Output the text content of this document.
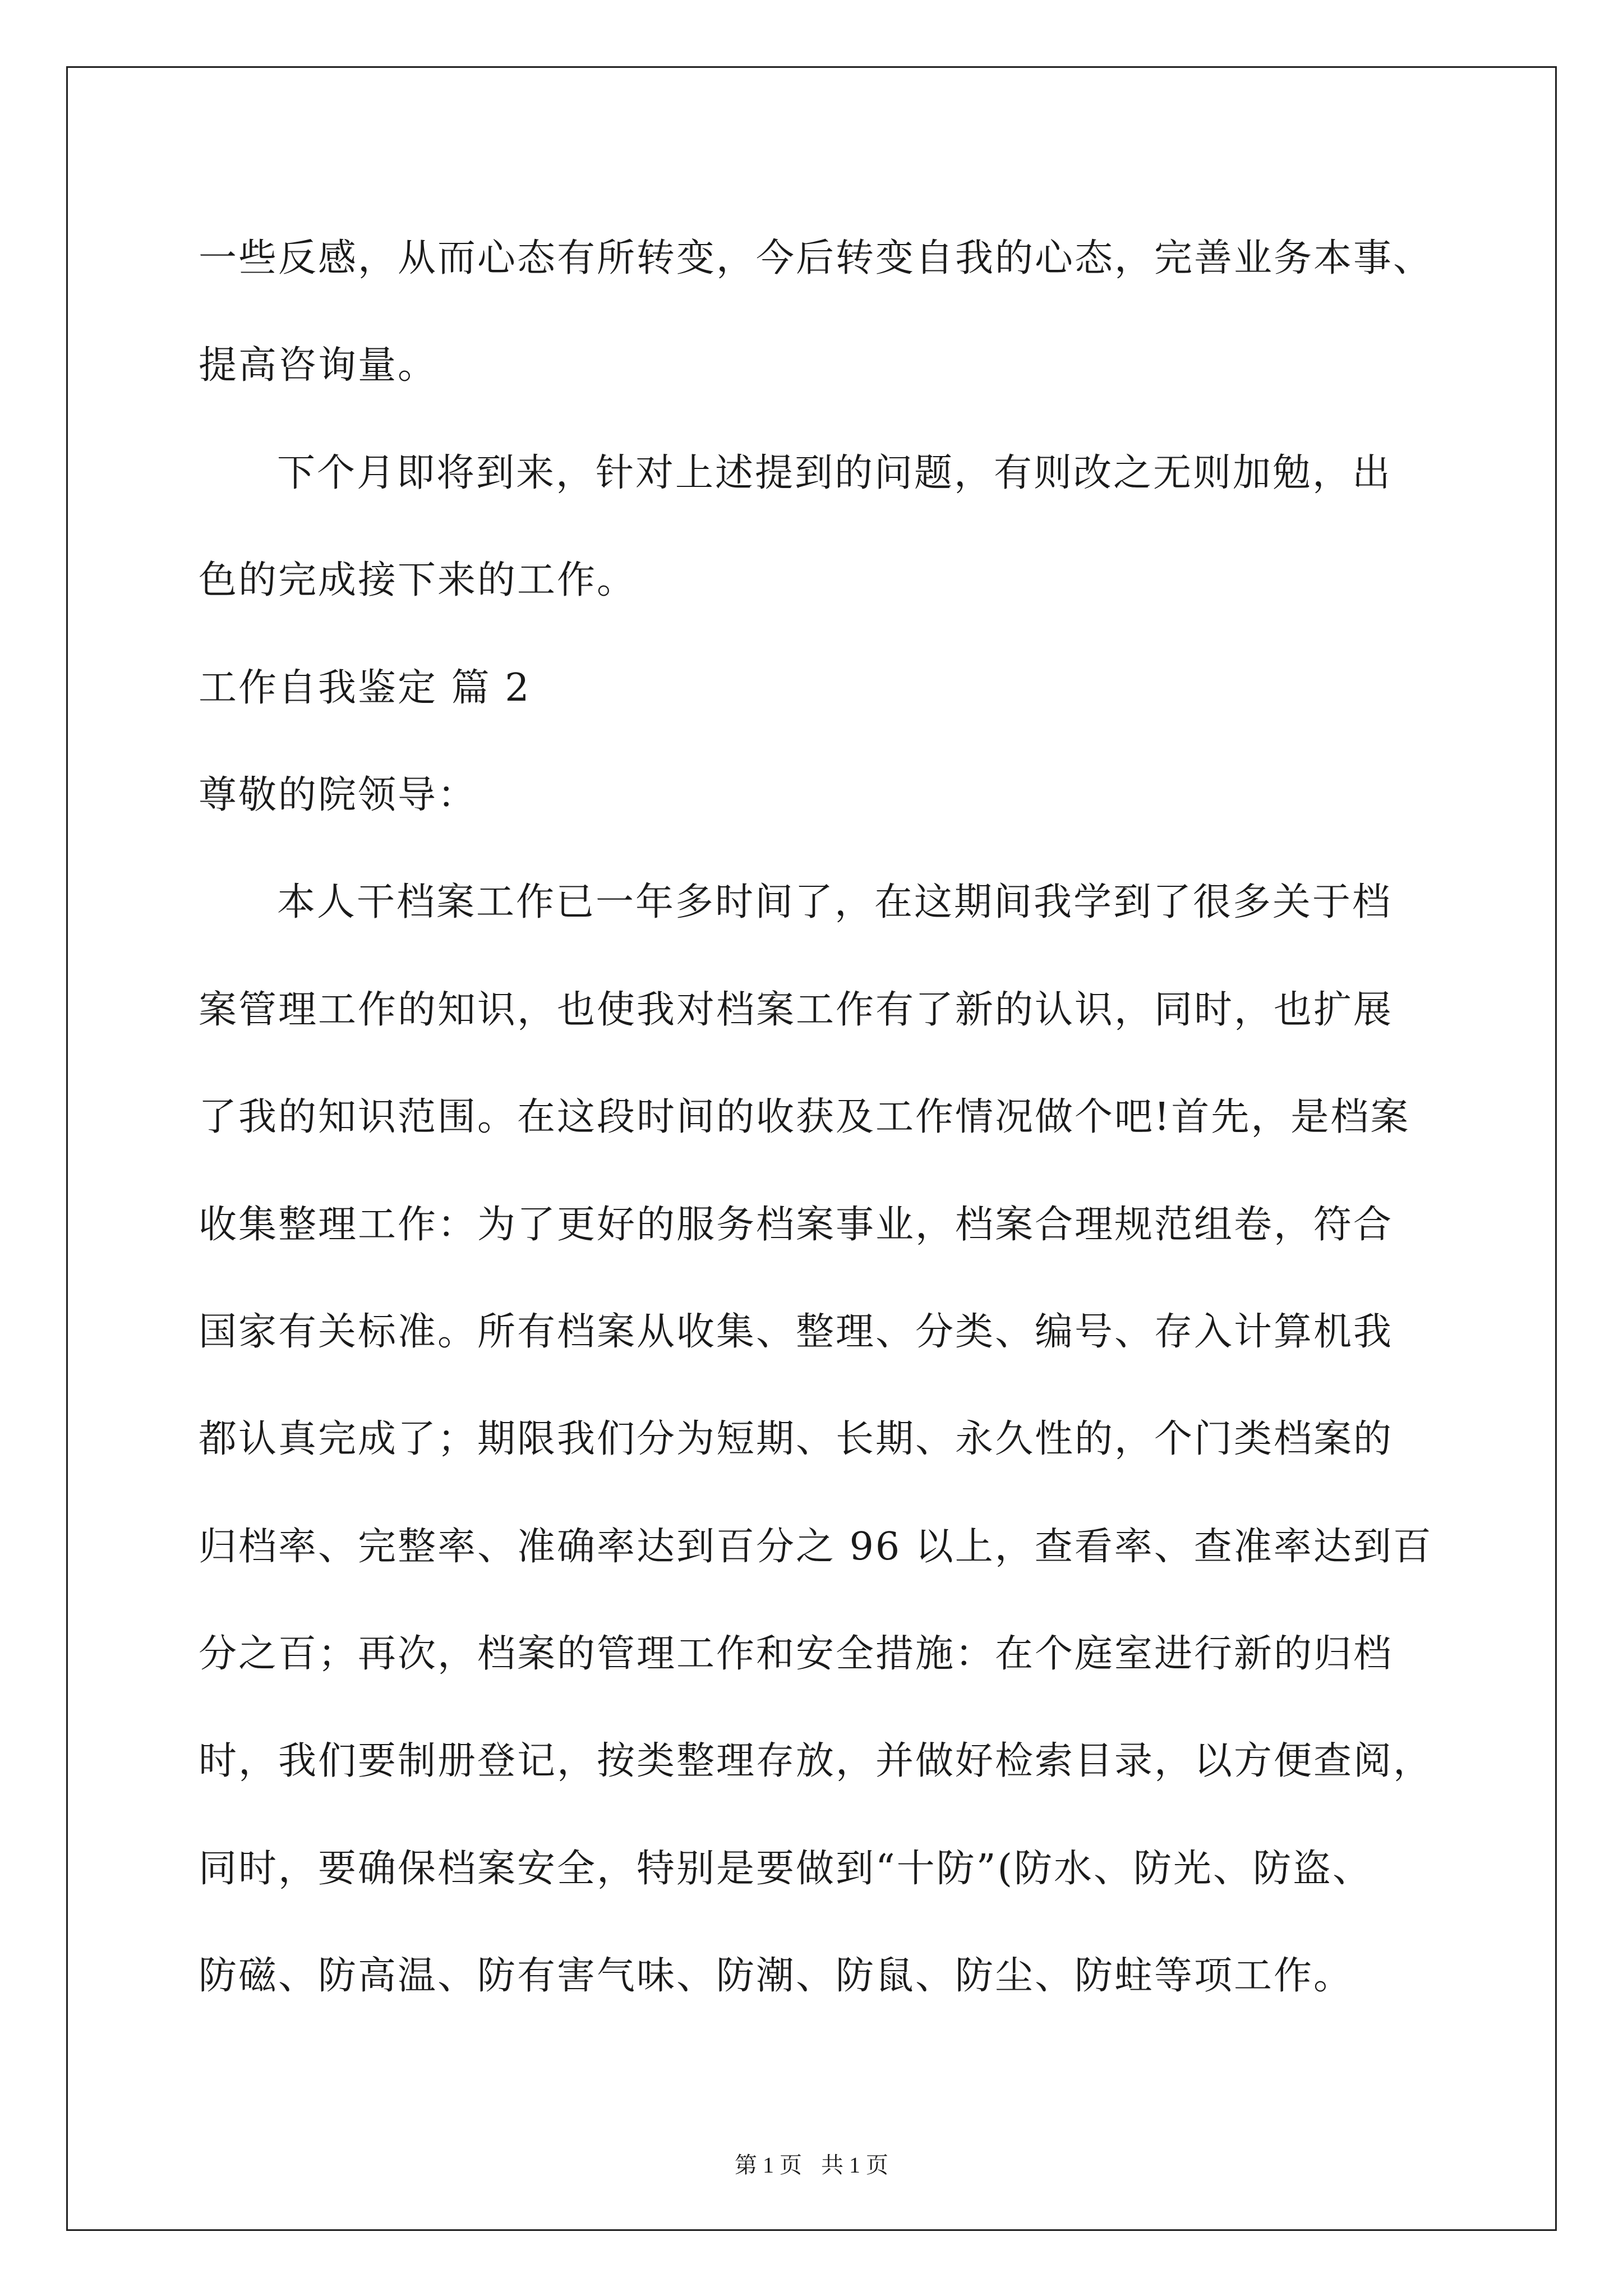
一些反感，从而心态有所转变，今后转变自我的心态，完善业务本事、
提高咨询量。
下个月即将到来，针对上述提到的问题，有则改之无则加勉，出
色的完成接下来的工作。
工作自我鉴定 篇 2
尊敬的院领导：
本人干档案工作已一年多时间了，在这期间我学到了很多关于档
案管理工作的知识，也使我对档案工作有了新的认识，同时，也扩展
了我的知识范围。在这段时间的收获及工作情况做个吧!首先，是档案
收集整理工作：为了更好的服务档案事业，档案合理规范组卷，符合
国家有关标准。所有档案从收集、整理、分类、编号、存入计算机我
都认真完成了；期限我们分为短期、长期、永久性的，个门类档案的
归档率、完整率、准确率达到百分之 96 以上，查看率、查准率达到百
分之百；再次，档案的管理工作和安全措施：在个庭室进行新的归档
时，我们要制册登记，按类整理存放，并做好检索目录，以方便查阅，
同时，要确保档案安全，特别是要做到“十防”(防水、防光、防盗、
防磁、防高温、防有害气味、防潮、防鼠、防尘、防蛀等项工作。
第 1 页 共 1 页
